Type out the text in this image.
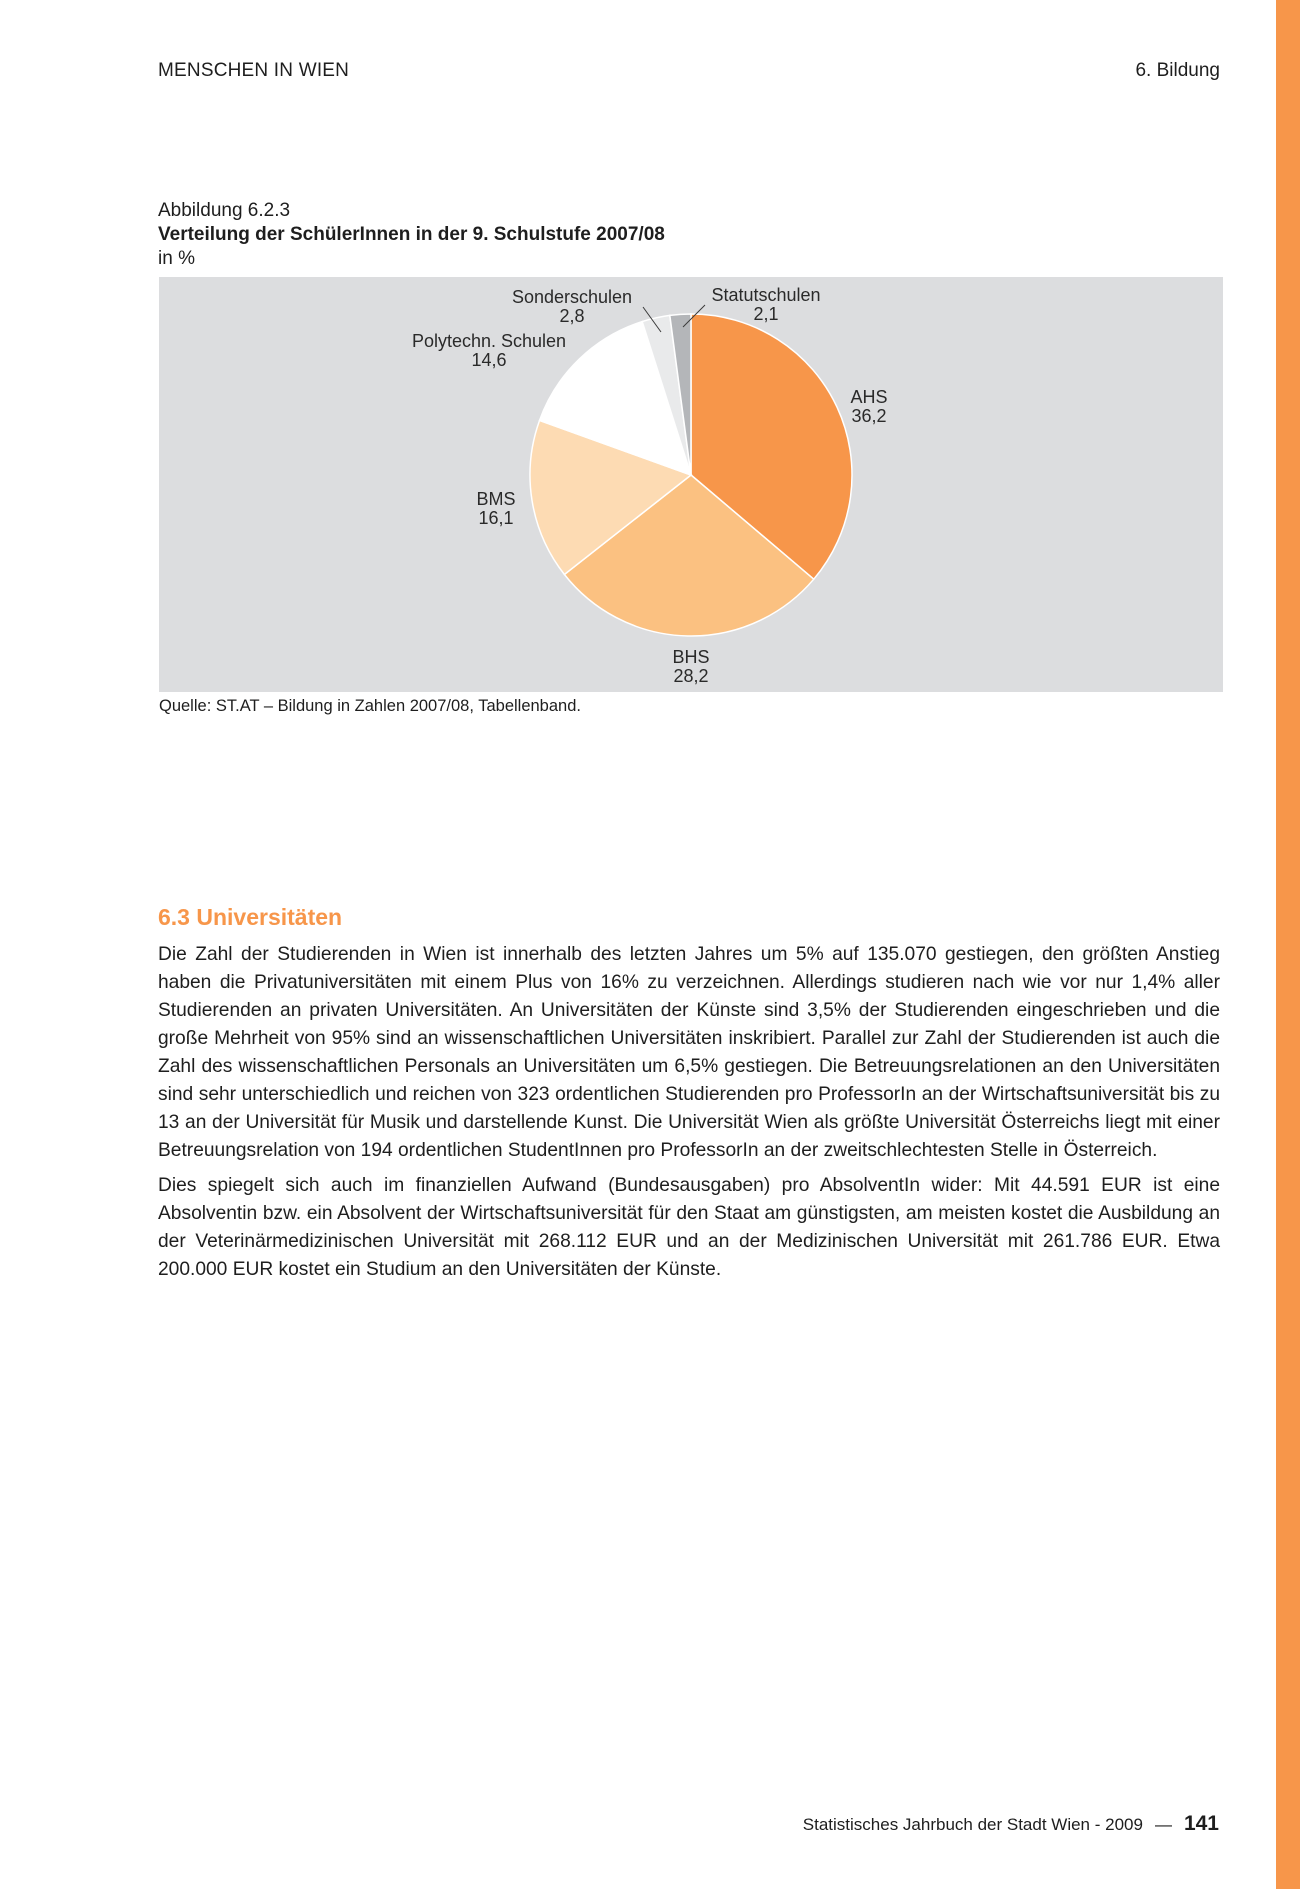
MENSCHEN IN WIEN	6. Bildung
Abbildung 6.2.3
Verteilung der SchülerInnen in der 9. Schulstufe 2007/08
in %
AHS 36,2
BHS 28,2
BMS 16,1
Polytechn. Schulen 14,6
Sonderschulen 2,8
Statutschulen 2,1
Quelle: ST.AT – Bildung in Zahlen 2007/08, Tabellenband.
6.3 Universitäten

Die Zahl der Studierenden in Wien ist innerhalb des letzten Jahres um 5% auf 135.070 gestiegen, den größten Anstieg haben die Privatuniversitäten mit einem Plus von 16% zu verzeichnen. Allerdings studieren nach wie vor nur 1,4% aller Studierenden an privaten Universitäten. An Universitäten der Künste sind 3,5% der Studierenden eingeschrieben und die große Mehrheit von 95% sind an wissenschaftlichen Universitäten inskribiert. Parallel zur Zahl der Studierenden ist auch die Zahl des wissenschaftlichen Personals an Universitäten um 6,5% gestiegen. Die Betreuungsrelationen an den Universitäten sind sehr unterschiedlich und reichen von 323 ordentlichen Studierenden pro ProfessorIn an der Wirtschaftsuniversität bis zu 13 an der Universität für Musik und darstellende Kunst. Die Universität Wien als größte Universität Österreichs liegt mit einer Betreuungsrelation von 194 ordentlichen StudentInnen pro ProfessorIn an der zweitschlechtesten Stelle in Österreich.

Dies spiegelt sich auch im finanziellen Aufwand (Bundesausgaben) pro AbsolventIn wider: Mit 44.591 EUR ist eine Absolventin bzw. ein Absolvent der Wirtschaftsuniversität für den Staat am günstigsten, am meisten kostet die Ausbildung an der Veterinärmedizinischen Universität mit 268.112 EUR und an der Medizinischen Universität mit 261.786 EUR. Etwa 200.000 EUR kostet ein Studium an den Universitäten der Künste.

Statistisches Jahrbuch der Stadt Wien - 2009 — 141
